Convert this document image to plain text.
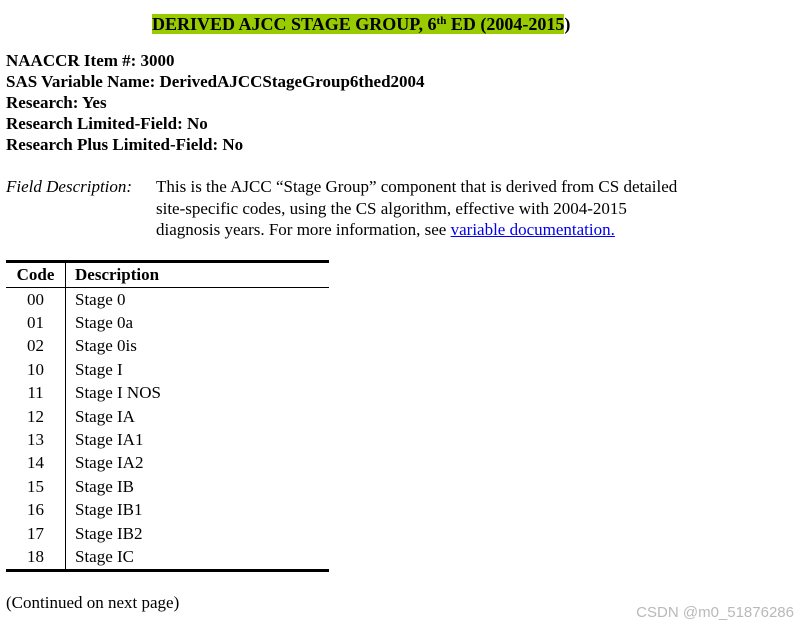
DERIVED AJCC STAGE GROUP, 6th ED (2004-2015)
NAACCR Item #: 3000
SAS Variable Name: DerivedAJCCStageGroup6thed2004
Research: Yes
Research Limited-Field: No
Research Plus Limited-Field: No
Field Description: This is the AJCC “Stage Group” component that is derived from CS detailed
site-specific codes, using the CS algorithm, effective with 2004-2015
diagnosis years. For more information, see variable documentation.
Code	Description
00	Stage 0
01	Stage 0a
02	Stage 0is
10	Stage I
11	Stage I NOS
12	Stage IA
13	Stage IA1
14	Stage IA2
15	Stage IB
16	Stage IB1
17	Stage IB2
18	Stage IC
(Continued on next page)
CSDN @m0_51876286
